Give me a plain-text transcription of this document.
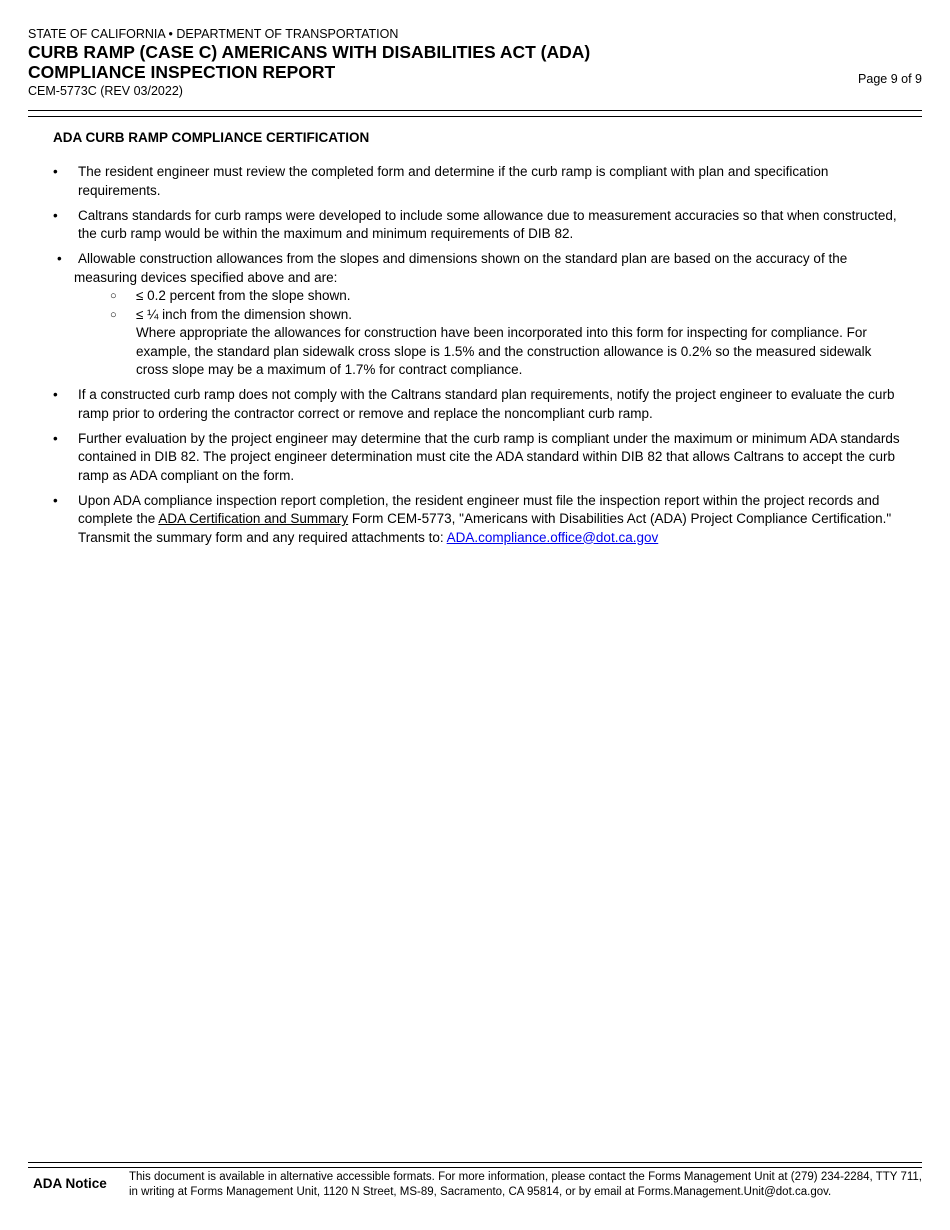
STATE OF CALIFORNIA • DEPARTMENT OF TRANSPORTATION
CURB RAMP (CASE C) AMERICANS WITH DISABILITIES ACT (ADA)
COMPLIANCE INSPECTION REPORT
CEM-5773C (REV 03/2022)
Page 9 of 9
ADA CURB RAMP COMPLIANCE CERTIFICATION
• The resident engineer must review the completed form and determine if the curb ramp is compliant with plan and specification requirements.
• Caltrans standards for curb ramps were developed to include some allowance due to measurement accuracies so that when constructed, the curb ramp would be within the maximum and minimum requirements of DIB 82.
• Allowable construction allowances from the slopes and dimensions shown on the standard plan are based on the accuracy of the measuring devices specified above and are:
○ ≤ 0.2 percent from the slope shown.
○ ≤ ¼ inch from the dimension shown.
Where appropriate the allowances for construction have been incorporated into this form for inspecting for compliance. For example, the standard plan sidewalk cross slope is 1.5% and the construction allowance is 0.2% so the measured sidewalk cross slope may be a maximum of 1.7% for contract compliance.
• If a constructed curb ramp does not comply with the Caltrans standard plan requirements, notify the project engineer to evaluate the curb ramp prior to ordering the contractor correct or remove and replace the noncompliant curb ramp.
• Further evaluation by the project engineer may determine that the curb ramp is compliant under the maximum or minimum ADA standards contained in DIB 82. The project engineer determination must cite the ADA standard within DIB 82 that allows Caltrans to accept the curb ramp as ADA compliant on the form.
• Upon ADA compliance inspection report completion, the resident engineer must file the inspection report within the project records and complete the ADA Certification and Summary Form CEM-5773, "Americans with Disabilities Act (ADA) Project Compliance Certification." Transmit the summary form and any required attachments to: ADA.compliance.office@dot.ca.gov
ADA Notice	This document is available in alternative accessible formats. For more information, please contact the Forms Management Unit at (279) 234-2284, TTY 711, in writing at Forms Management Unit, 1120 N Street, MS-89, Sacramento, CA 95814, or by email at Forms.Management.Unit@dot.ca.gov.
